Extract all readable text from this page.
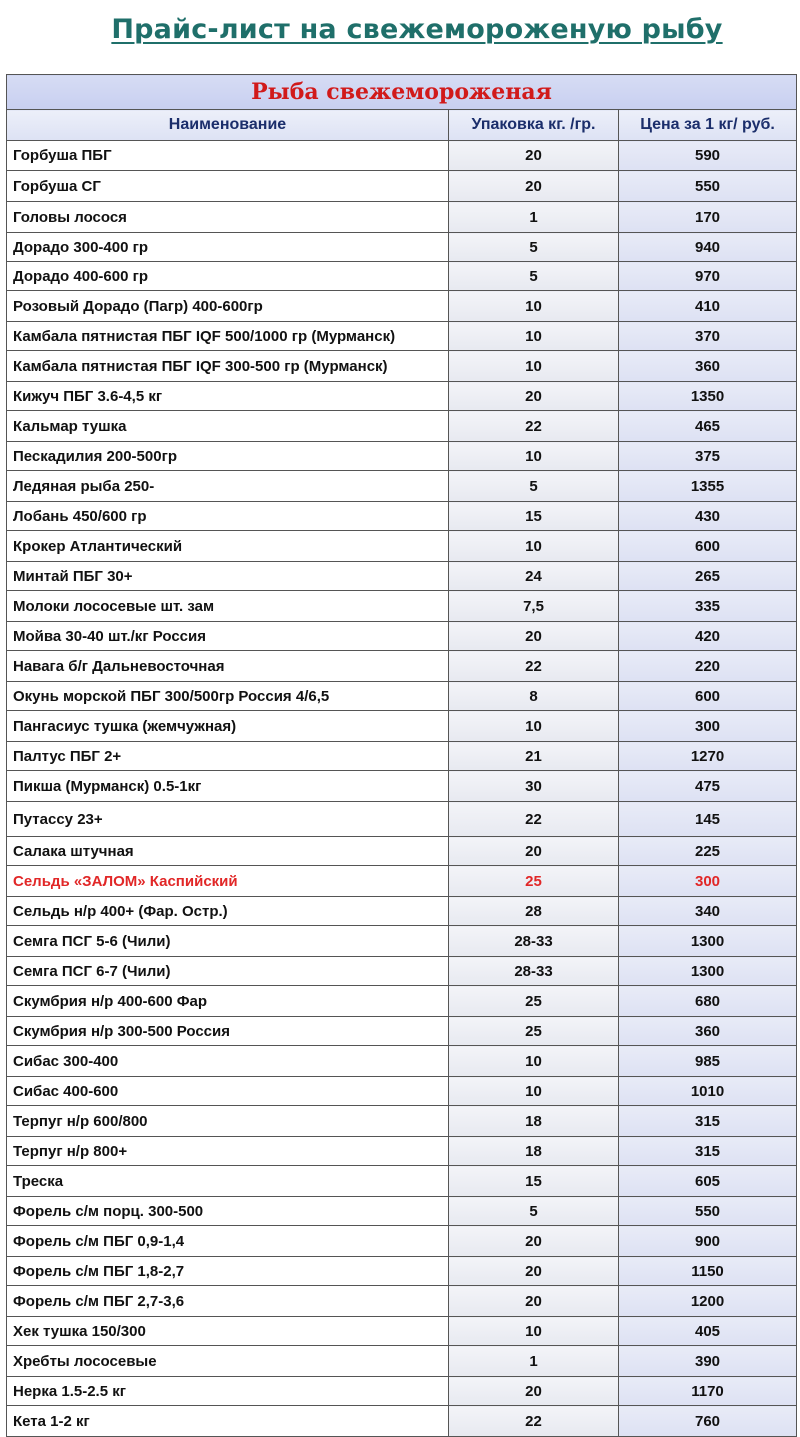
Прайс-лист на свежемороженую рыбу
Рыба свежемороженая		
Наименование	Упаковка кг. /гр.	Цена за 1 кг/ руб.
Горбуша ПБГ	20	590
Горбуша СГ	20	550
Головы лосося	1	170
Дорадо 300-400 гр	5	940
Дорадо 400-600 гр	5	970
Розовый Дорадо (Пагр) 400-600гр	10	410
Камбала пятнистая ПБГ IQF 500/1000 гр (Мурманск)	10	370
Камбала пятнистая ПБГ IQF 300-500 гр (Мурманск)	10	360
Кижуч ПБГ 3.6-4,5 кг	20	1350
Кальмар тушка	22	465
Пескадилия 200-500гр	10	375
Ледяная рыба 250-	5	1355
Лобань 450/600 гр	15	430
Крокер Атлантический	10	600
Минтай ПБГ 30+	24	265
Молоки лососевые шт. зам	7,5	335
Мойва 30-40 шт./кг Россия	20	420
Навага б/г Дальневосточная	22	220
Окунь морской ПБГ 300/500гр Россия 4/6,5	8	600
Пангасиус тушка (жемчужная)	10	300
Палтус ПБГ 2+	21	1270
Пикша (Мурманск) 0.5-1кг	30	475
Путассу 23+	22	145
Салака штучная	20	225
Сельдь «ЗАЛОМ» Каспийский	25	300
Сельдь н/р 400+ (Фар. Остр.)	28	340
Семга ПСГ 5-6 (Чили)	28-33	1300
Семга ПСГ 6-7 (Чили)	28-33	1300
Скумбрия н/р 400-600 Фар	25	680
Скумбрия н/р 300-500 Россия	25	360
Сибас 300-400	10	985
Сибас 400-600	10	1010
Терпуг н/р 600/800	18	315
Терпуг н/р 800+	18	315
Треска	15	605
Форель с/м порц. 300-500	5	550
Форель с/м ПБГ 0,9-1,4	20	900
Форель с/м ПБГ 1,8-2,7	20	1150
Форель с/м ПБГ 2,7-3,6	20	1200
Хек тушка 150/300	10	405
Хребты лососевые	1	390
Нерка 1.5-2.5 кг	20	1170
Кета 1-2 кг	22	760
